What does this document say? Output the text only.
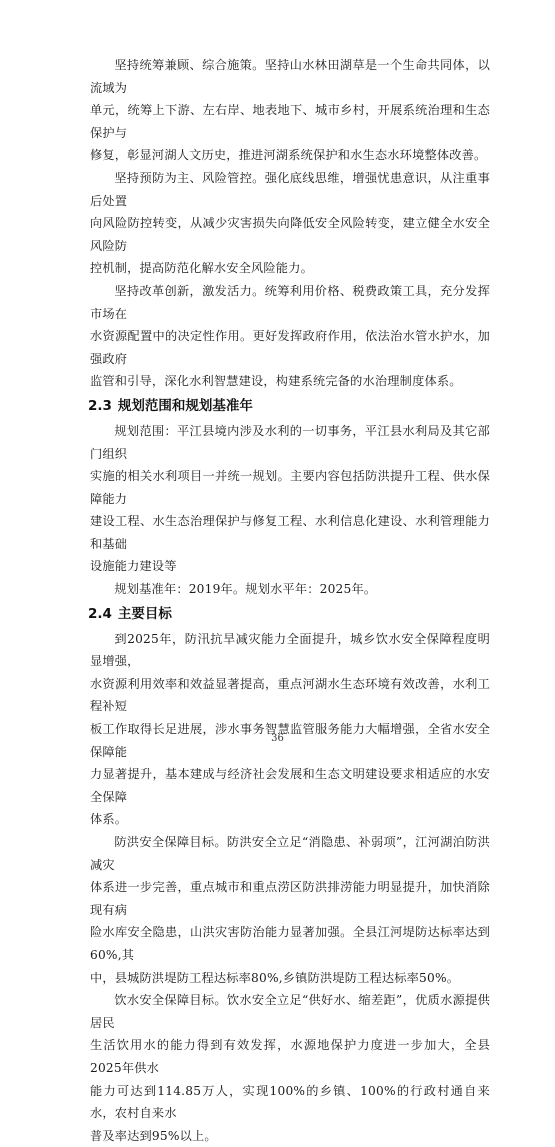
坚持统筹兼顾、综合施策。坚持山水林田湖草是一个生命共同体，以流域为
单元，统筹上下游、左右岸、地表地下、城市乡村，开展系统治理和生态保护与
修复，彰显河湖人文历史，推进河湖系统保护和水生态水环境整体改善。

坚持预防为主、风险管控。强化底线思维，增强忧患意识，从注重事后处置
向风险防控转变，从减少灾害损失向降低安全风险转变，建立健全水安全风险防
控机制，提高防范化解水安全风险能力。

坚持改革创新，激发活力。统筹利用价格、税费政策工具，充分发挥市场在
水资源配置中的决定性作用。更好发挥政府作用，依法治水管水护水，加强政府
监管和引导，深化水利智慧建设，构建系统完备的水治理制度体系。

2.3 规划范围和规划基准年

规划范围：平江县境内涉及水利的一切事务，平江县水利局及其它部门组织
实施的相关水利项目一并统一规划。主要内容包括防洪提升工程、供水保障能力
建设工程、水生态治理保护与修复工程、水利信息化建设、水利管理能力和基础
设施能力建设等

规划基准年：2019年。规划水平年：2025年。

2.4 主要目标

到2025年，防汛抗旱减灾能力全面提升，城乡饮水安全保障程度明显增强，
水资源利用效率和效益显著提高，重点河湖水生态环境有效改善，水利工程补短
板工作取得长足进展，涉水事务智慧监管服务能力大幅增强，全省水安全保障能
力显著提升，基本建成与经济社会发展和生态文明建设要求相适应的水安全保障
体系。

防洪安全保障目标。防洪安全立足“消隐患、补弱项”，江河湖泊防洪减灾
体系进一步完善，重点城市和重点涝区防洪排涝能力明显提升，加快消除现有病
险水库安全隐患，山洪灾害防治能力显著加强。全县江河堤防达标率达到60%,其
中，县城防洪堤防工程达标率80%,乡镇防洪堤防工程达标率50%。

饮水安全保障目标。饮水安全立足“供好水、缩差距”，优质水源提供居民
生活饮用水的能力得到有效发挥，水源地保护力度进一步加大，全县2025年供水
能力可达到114.85万人，实现100%的乡镇、100%的行政村通自来水，农村自来水
普及率达到95%以上。

36
